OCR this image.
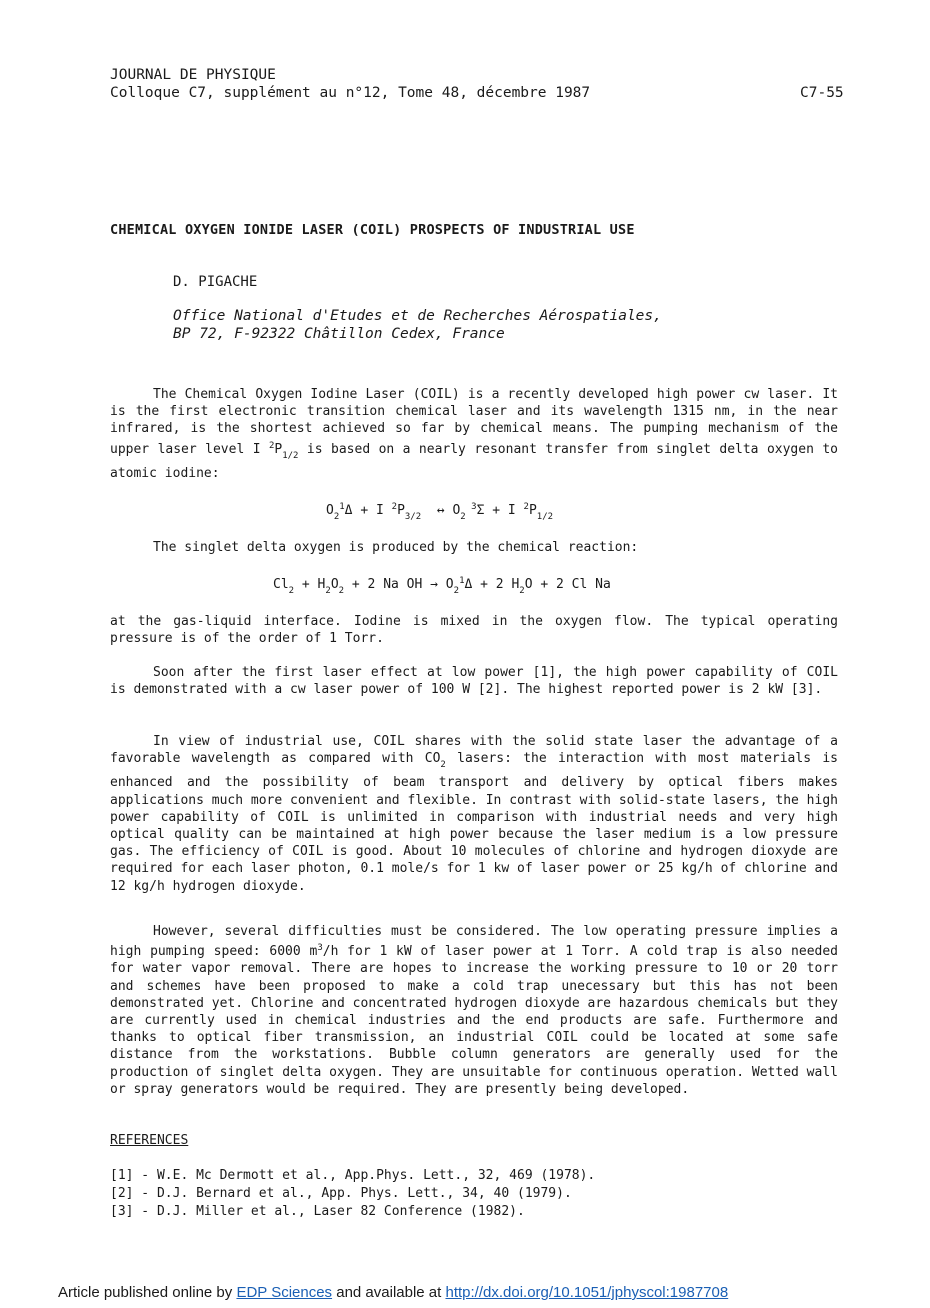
JOURNAL DE PHYSIQUE
Colloque C7, supplément au n°12, Tome 48, décembre 1987	C7-55
CHEMICAL OXYGEN IONIDE LASER (COIL) PROSPECTS OF INDUSTRIAL USE
D. PIGACHE
Office National d'Etudes et de Recherches Aérospatiales,
BP 72, F-92322 Châtillon Cedex, France

The Chemical Oxygen Iodine Laser (COIL) is a recently developed high power cw laser. It is the first electronic transition chemical laser and its wavelength 1315 nm, in the near infrared, is the shortest achieved so far by chemical means. The pumping mechanism of the upper laser level I $^2P_{1/2}$ is based on a nearly resonant transfer from singlet delta oxygen to atomic iodine:

$O_2^1\Delta + I$ $^2P_{3/2}$  ↔ $O_2$ $^3$Σ + I $^2P_{1/2}$

The singlet delta oxygen is produced by the chemical reaction:

$Cl_2 + H_2O_2 + 2$ Na OH → $O_2^1\Delta + 2$ $H_2O + 2$ Cl Na

at the gas-liquid interface. Iodine is mixed in the oxygen flow. The typical operating pressure is of the order of 1 Torr.

Soon after the first laser effect at low power [1], the high power capability of COIL is demonstrated with a cw laser power of 100 W [2]. The highest reported power is 2 kW [3].

In view of industrial use, COIL shares with the solid state laser the advantage of a favorable wavelength as compared with $CO_2$ lasers: the interaction with most materials is enhanced and the possibility of beam transport and delivery by optical fibers makes applications much more convenient and flexible. In contrast with solid-state lasers, the high power capability of COIL is unlimited in comparison with industrial needs and very high optical quality can be maintained at high power because the laser medium is a low pressure gas. The efficiency of COIL is good. About 10 molecules of chlorine and hydrogen dioxyde are required for each laser photon, 0.1 mole/s for 1 kw of laser power or 25 kg/h of chlorine and 12 kg/h hydrogen dioxyde.

However, several difficulties must be considered. The low operating pressure implies a high pumping speed: 6000 $m^3/h$ for 1 kW of laser power at 1 Torr. A cold trap is also needed for water vapor removal. There are hopes to increase the working pressure to 10 or 20 torr and schemes have been proposed to make a cold trap unecessary but this has not been demonstrated yet. Chlorine and concentrated hydrogen dioxyde are hazardous chemicals but they are currently used in chemical industries and the end products are safe. Furthermore and thanks to optical fiber transmission, an industrial COIL could be located at some safe distance from the workstations. Bubble column generators are generally used for the production of singlet delta oxygen. They are unsuitable for continuous operation. Wetted wall or spray generators would be required. They are presently being developed.

REFERENCES
[1] - W.E. Mc Dermott et al., App.Phys. Lett., 32, 469 (1978).
[2] - D.J. Bernard et al., App. Phys. Lett., 34, 40 (1979).
[3] - D.J. Miller et al., Laser 82 Conference (1982).
Article published online by EDP Sciences and available at http://dx.doi.org/10.1051/jphyscol:1987708
